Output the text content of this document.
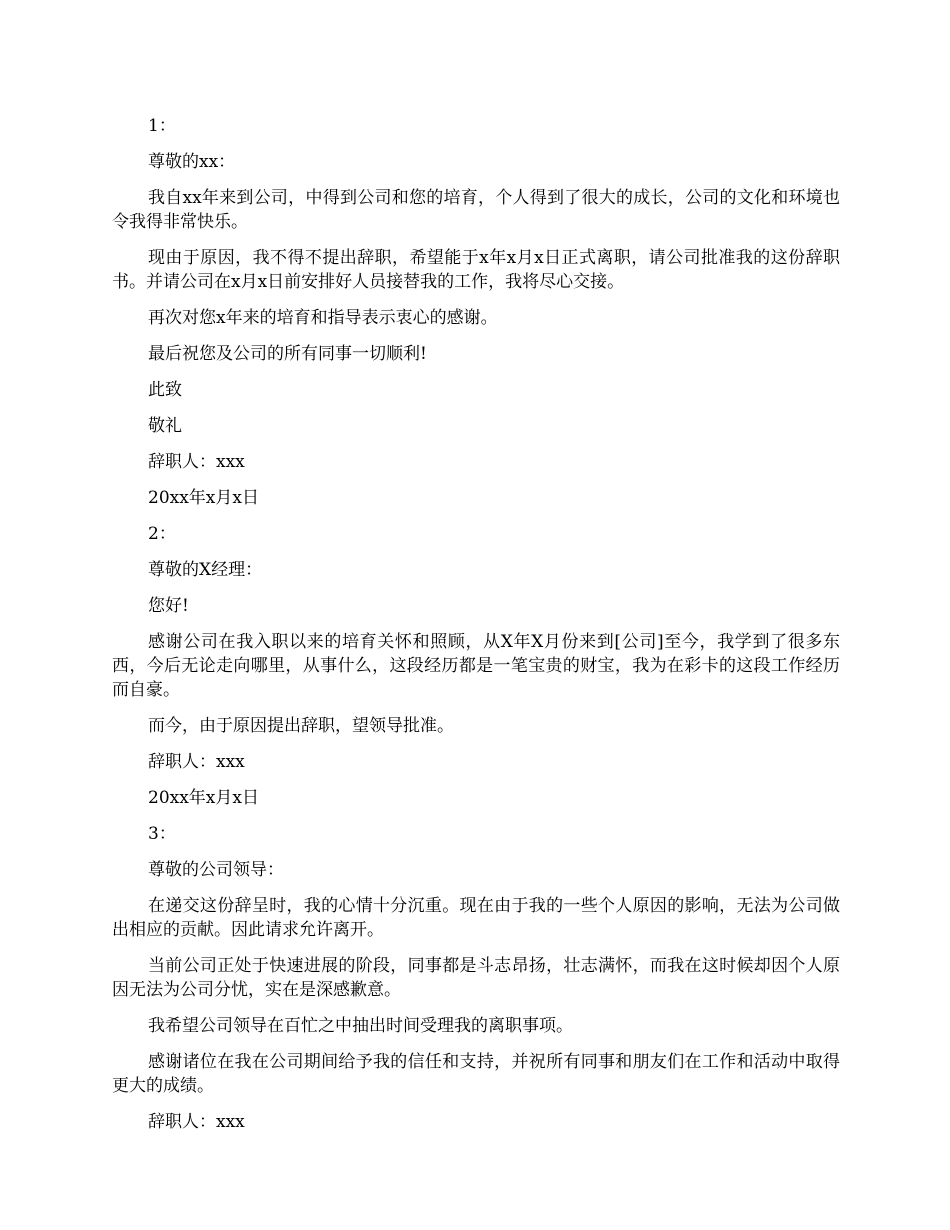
1：

尊敬的xx：

我自xx年来到公司，中得到公司和您的培育，个人得到了很大的成长，公司的文化和环境也令我得非常快乐。

现由于原因，我不得不提出辞职，希望能于x年x月x日正式离职，请公司批准我的这份辞职书。并请公司在x月x日前安排好人员接替我的工作，我将尽心交接。

再次对您x年来的培育和指导表示衷心的感谢。

最后祝您及公司的所有同事一切顺利!

此致

敬礼

辞职人：xxx

20xx年x月x日

2：

尊敬的X经理：

您好!

感谢公司在我入职以来的培育关怀和照顾，从X年X月份来到[公司]至今，我学到了很多东西，今后无论走向哪里，从事什么，这段经历都是一笔宝贵的财宝，我为在彩卡的这段工作经历而自豪。

而今，由于原因提出辞职，望领导批准。

辞职人：xxx

20xx年x月x日

3：

尊敬的公司领导：

在递交这份辞呈时，我的心情十分沉重。现在由于我的一些个人原因的影响，无法为公司做出相应的贡献。因此请求允许离开。

当前公司正处于快速进展的阶段，同事都是斗志昂扬，壮志满怀，而我在这时候却因个人原因无法为公司分忧，实在是深感歉意。

我希望公司领导在百忙之中抽出时间受理我的离职事项。

感谢诸位在我在公司期间给予我的信任和支持，并祝所有同事和朋友们在工作和活动中取得更大的成绩。

辞职人：xxx
